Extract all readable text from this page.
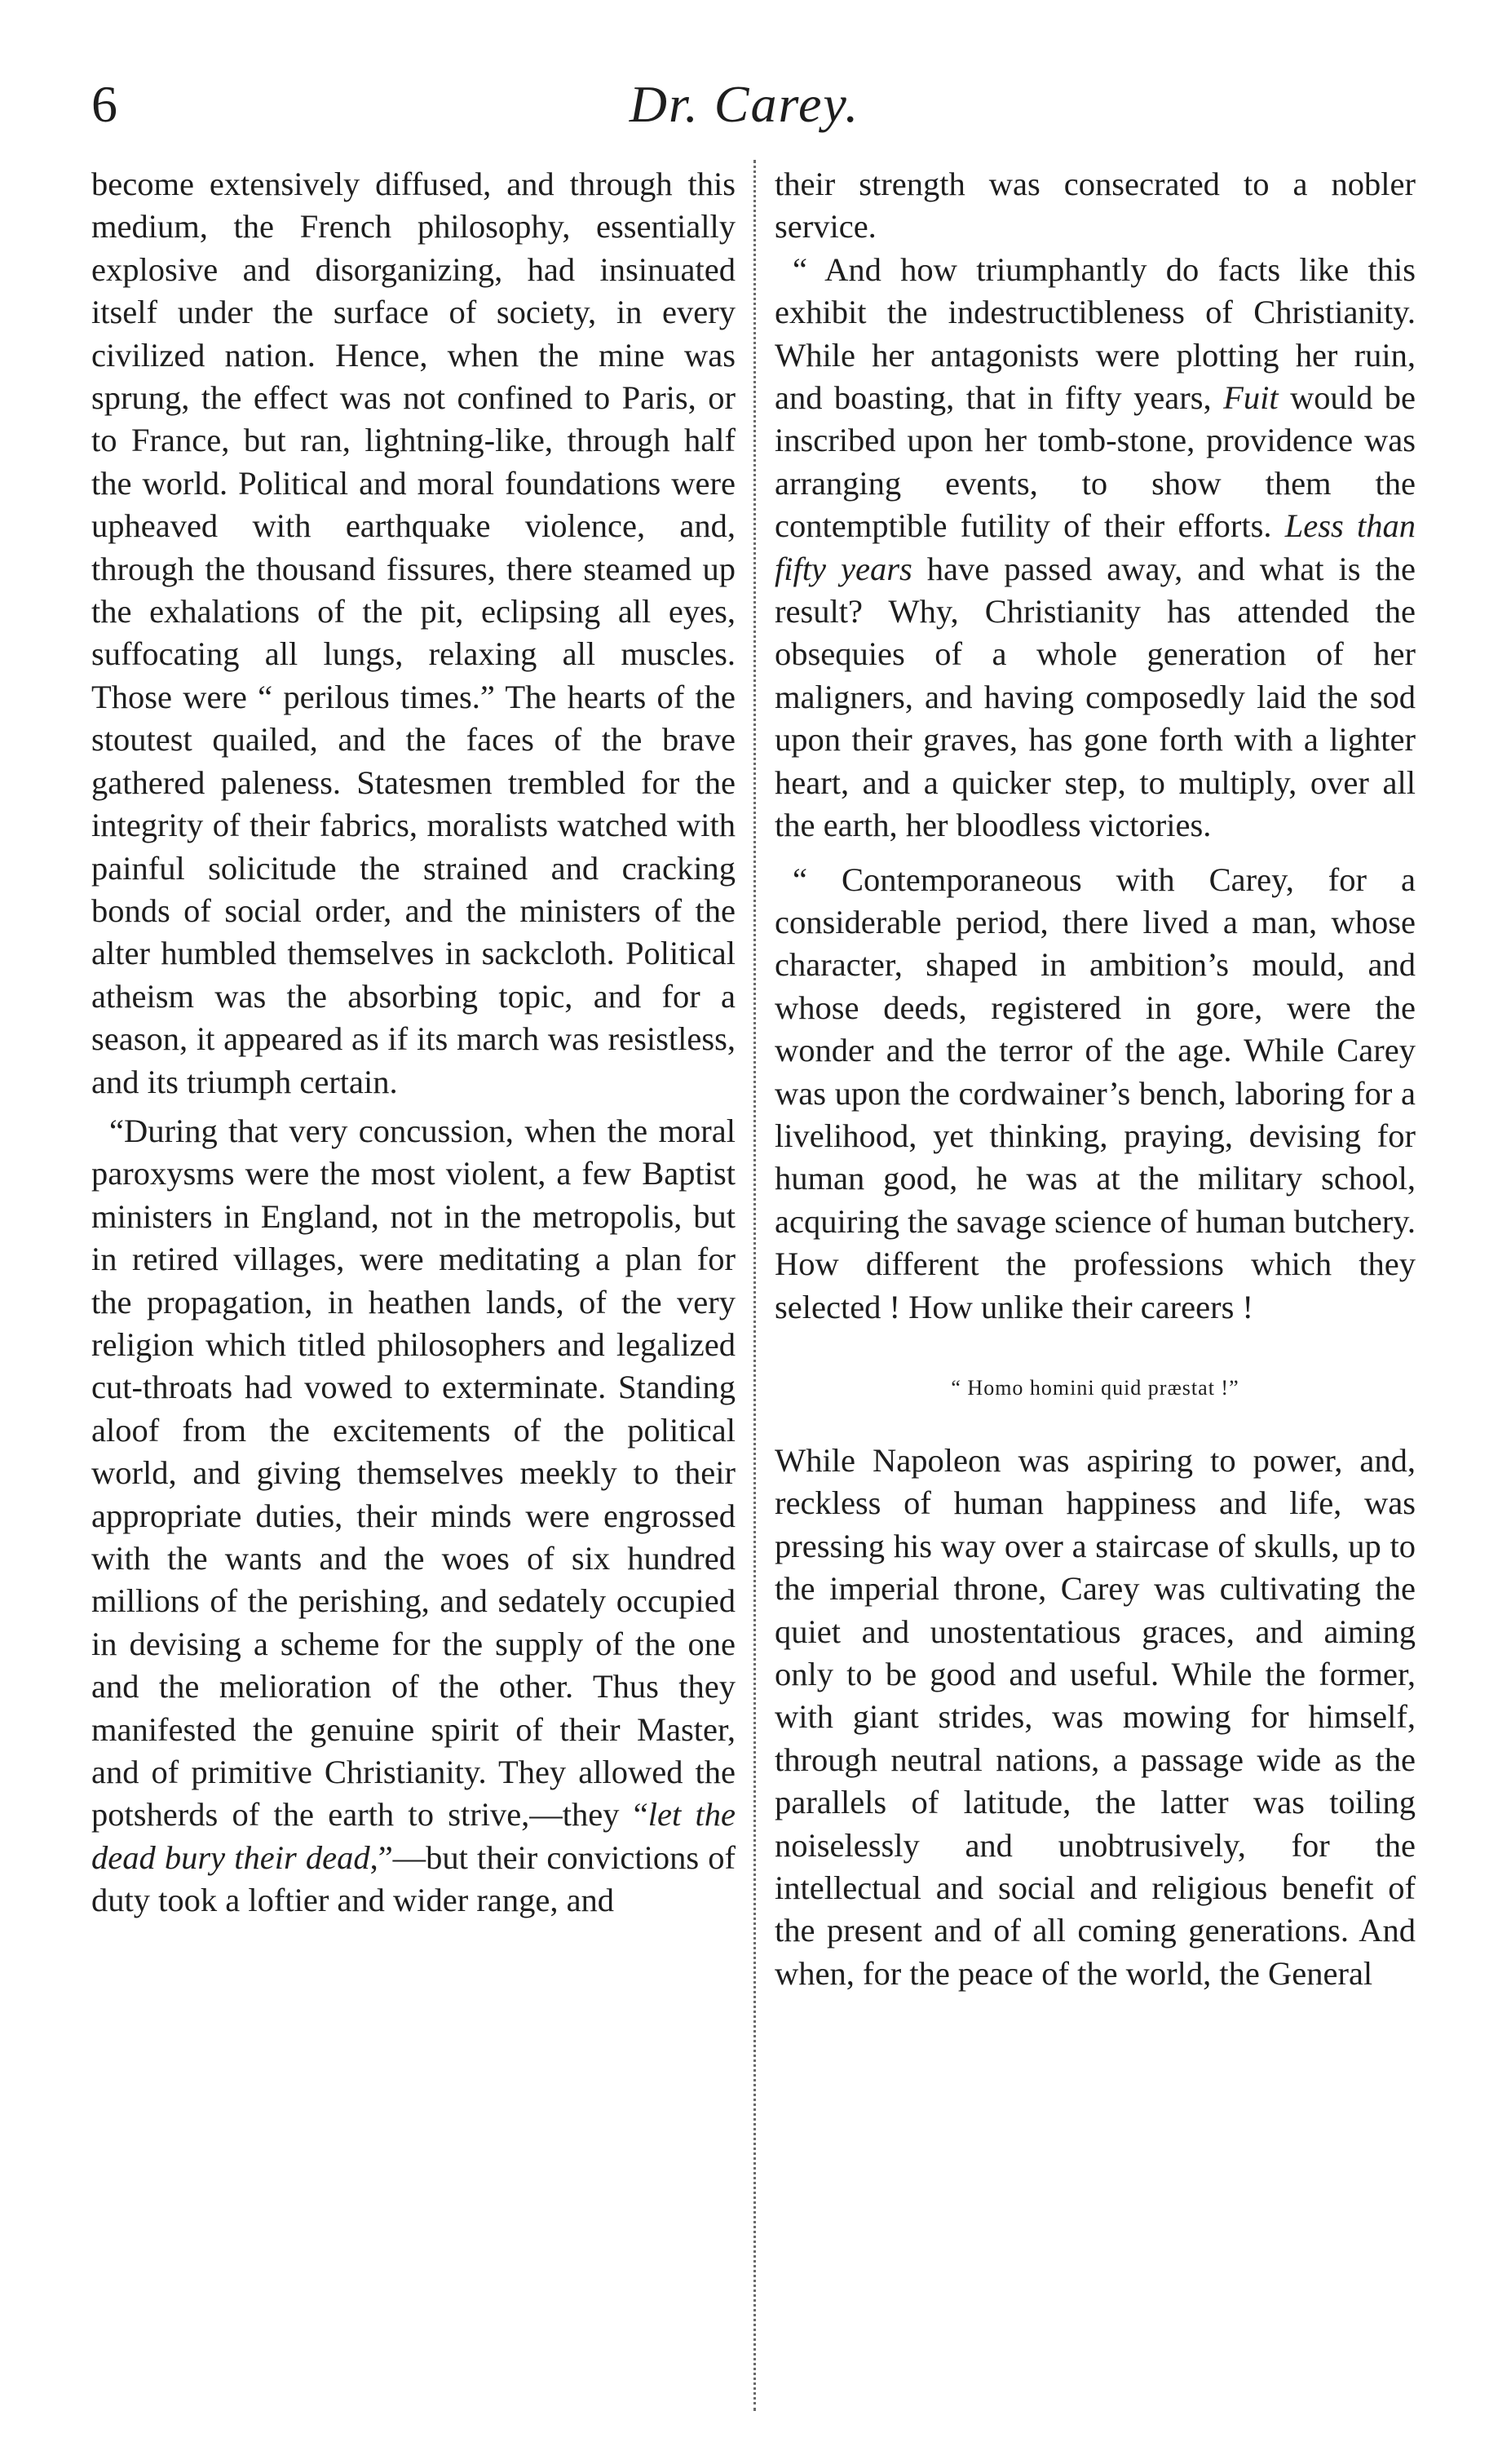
6	Dr. Carey.

become extensively diffused, and through this medium, the French philosophy, essentially explosive and disorganizing, had insinuated itself under the surface of society, in every civilized nation. Hence, when the mine was sprung, the effect was not confined to Paris, or to France, but ran, lightning-like, through half the world. Political and moral foundations were upheaved with earthquake violence, and, through the thousand fissures, there steamed up the exhalations of the pit, eclipsing all eyes, suffocating all lungs, relaxing all muscles. Those were “ perilous times.” The hearts of the stoutest quailed, and the faces of the brave gathered paleness. Statesmen trembled for the integrity of their fabrics, moralists watched with painful solicitude the strained and cracking bonds of social order, and the ministers of the alter humbled themselves in sackcloth. Political atheism was the absorbing topic, and for a season, it appeared as if its march was resistless, and its triumph certain.

“During that very concussion, when the moral paroxysms were the most violent, a few Baptist ministers in England, not in the metropolis, but in retired villages, were meditating a plan for the propagation, in heathen lands, of the very religion which titled philosophers and legalized cut-throats had vowed to exterminate. Standing aloof from the excitements of the political world, and giving themselves meekly to their appropriate duties, their minds were engrossed with the wants and the woes of six hundred millions of the perishing, and sedately occupied in devising a scheme for the supply of the one and the melioration of the other. Thus they manifested the genuine spirit of their Master, and of primitive Christianity. They allowed the potsherds of the earth to strive,—they “let the dead bury their dead,”—but their convictions of duty took a loftier and wider range, and

their strength was consecrated to a nobler service.

“ And how triumphantly do facts like this exhibit the indestructibleness of Christianity. While her antagonists were plotting her ruin, and boasting, that in fifty years, Fuit would be inscribed upon her tomb-stone, providence was arranging events, to show them the contemptible futility of their efforts. Less than fifty years have passed away, and what is the result? Why, Christianity has attended the obsequies of a whole generation of her maligners, and having composedly laid the sod upon their graves, has gone forth with a lighter heart, and a quicker step, to multiply, over all the earth, her bloodless victories.

“ Contemporaneous with Carey, for a considerable period, there lived a man, whose character, shaped in ambition’s mould, and whose deeds, registered in gore, were the wonder and the terror of the age. While Carey was upon the cordwainer’s bench, laboring for a livelihood, yet thinking, praying, devising for human good, he was at the military school, acquiring the savage science of human butchery. How different the professions which they selected ! How unlike their careers !

“ Homo homini quid præstat !”

While Napoleon was aspiring to power, and, reckless of human happiness and life, was pressing his way over a staircase of skulls, up to the imperial throne, Carey was cultivating the quiet and unostentatious graces, and aiming only to be good and useful. While the former, with giant strides, was mowing for himself, through neutral nations, a passage wide as the parallels of latitude, the latter was toiling noiselessly and unobtrusively, for the intellectual and social and religious benefit of the present and of all coming generations. And when, for the peace of the world, the General
